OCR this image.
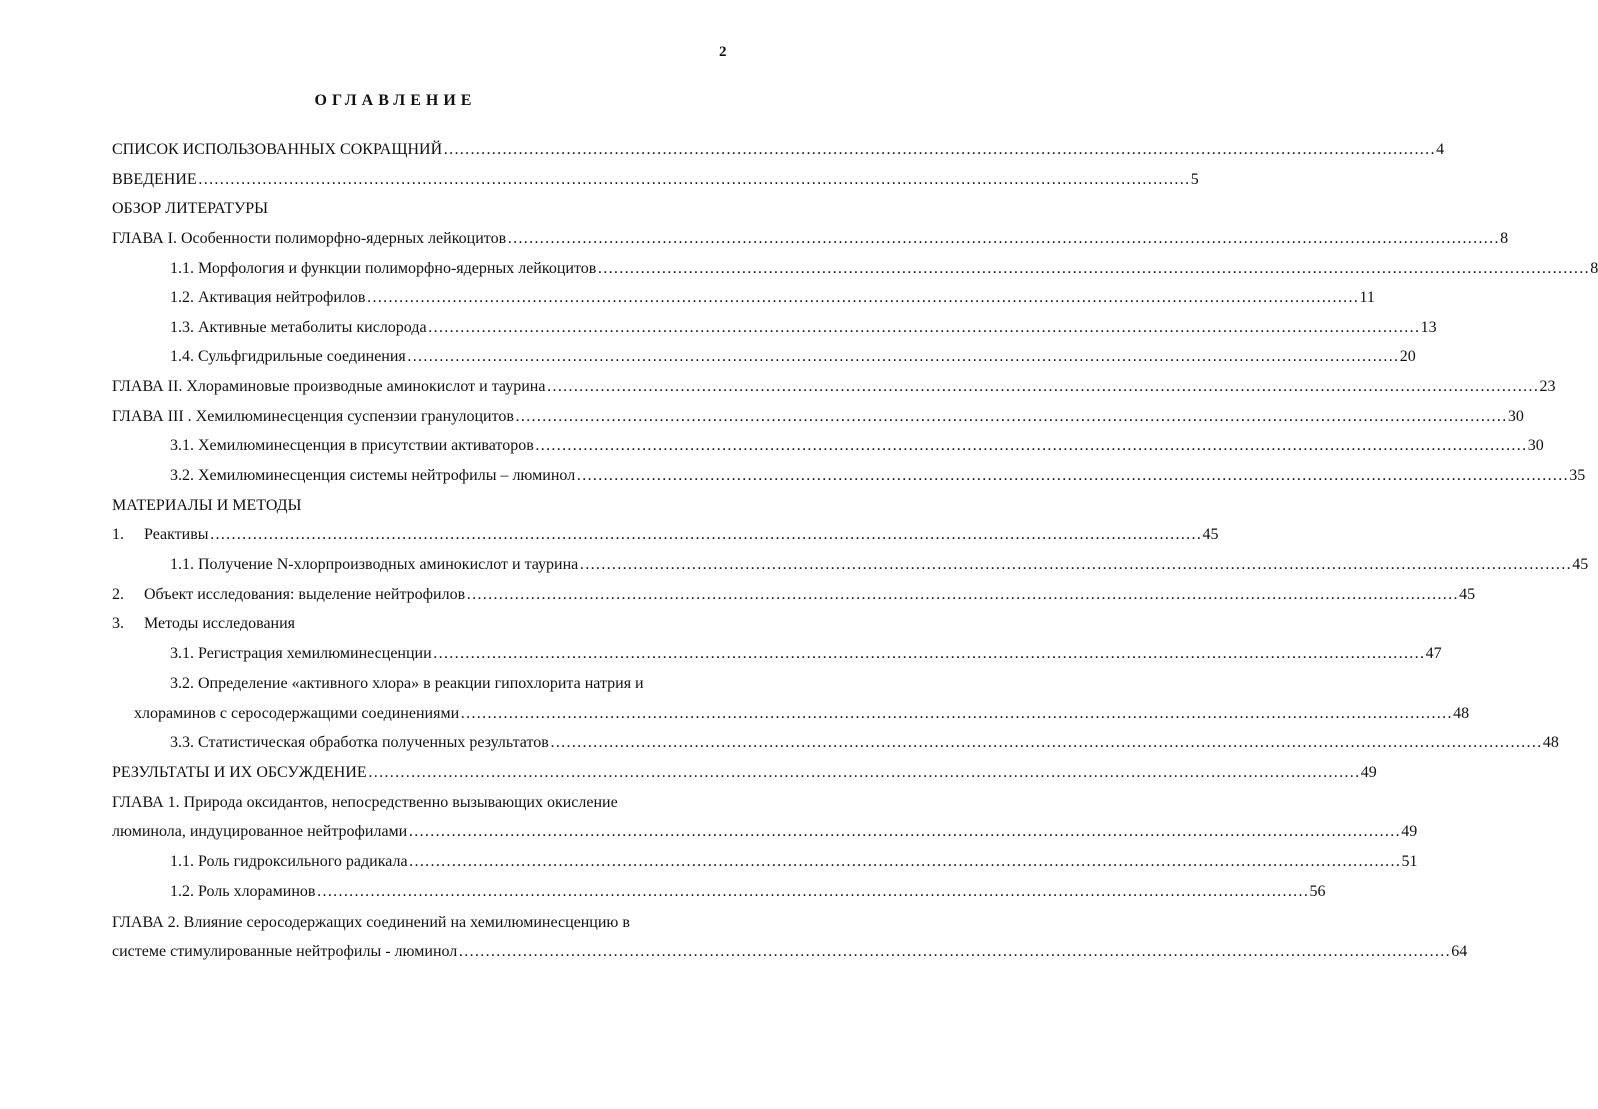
2
ОГЛАВЛЕНИЕ
СПИСОК ИСПОЛЬЗОВАННЫХ СОКРАЩНИЙ …………………………………………………………………………………………………………………………………………………………………… 4
ВВЕДЕНИЕ …………………………………………………………………………………………………………………………………………………………………… 5
ОБЗОР ЛИТЕРАТУРЫ
ГЛАВА I. Особенности полиморфно-ядерных лейкоцитов …………………………………………………………………………………………………………………………………………………………………… 8
1.1. Морфология и функции полиморфно-ядерных лейкоцитов …………………………………………………………………………………………………………………………………………………………………… 8
1.2. Активация нейтрофилов …………………………………………………………………………………………………………………………………………………………………… 11
1.3. Активные метаболиты кислорода …………………………………………………………………………………………………………………………………………………………………… 13
1.4. Сульфгидрильные соединения …………………………………………………………………………………………………………………………………………………………………… 20
ГЛАВА II. Хлораминовые производные аминокислот и таурина …………………………………………………………………………………………………………………………………………………………………… 23
ГЛАВА III . Хемилюминесценция суспензии гранулоцитов …………………………………………………………………………………………………………………………………………………………………… 30
3.1. Хемилюминесценция в присутствии активаторов …………………………………………………………………………………………………………………………………………………………………… 30
3.2. Хемилюминесценция системы нейтрофилы – люминол …………………………………………………………………………………………………………………………………………………………………… 35
МАТЕРИАЛЫ И МЕТОДЫ
1. Реактивы …………………………………………………………………………………………………………………………………………………………………… 45
1.1. Получение N-хлорпроизводных аминокислот и таурина …………………………………………………………………………………………………………………………………………………………………… 45
2. Объект исследования: выделение нейтрофилов …………………………………………………………………………………………………………………………………………………………………… 45
3. Методы исследования
3.1. Регистрация хемилюминесценции …………………………………………………………………………………………………………………………………………………………………… 47
3.2. Определение «активного хлора» в реакции гипохлорита натрия и
хлораминов с серосодержащими соединениями …………………………………………………………………………………………………………………………………………………………………… 48
3.3. Статистическая обработка полученных результатов …………………………………………………………………………………………………………………………………………………………………… 48
РЕЗУЛЬТАТЫ И ИХ ОБСУЖДЕНИЕ …………………………………………………………………………………………………………………………………………………………………… 49
ГЛАВА 1. Природа оксидантов, непосредственно вызывающих окисление
люминола, индуцированное нейтрофилами …………………………………………………………………………………………………………………………………………………………………… 49
1.1. Роль гидроксильного радикала …………………………………………………………………………………………………………………………………………………………………… 51
1.2. Роль хлораминов …………………………………………………………………………………………………………………………………………………………………… 56
ГЛАВА 2. Влияние серосодержащих соединений на хемилюминесценцию в
системе стимулированные нейтрофилы - люминол …………………………………………………………………………………………………………………………………………………………………… 64
